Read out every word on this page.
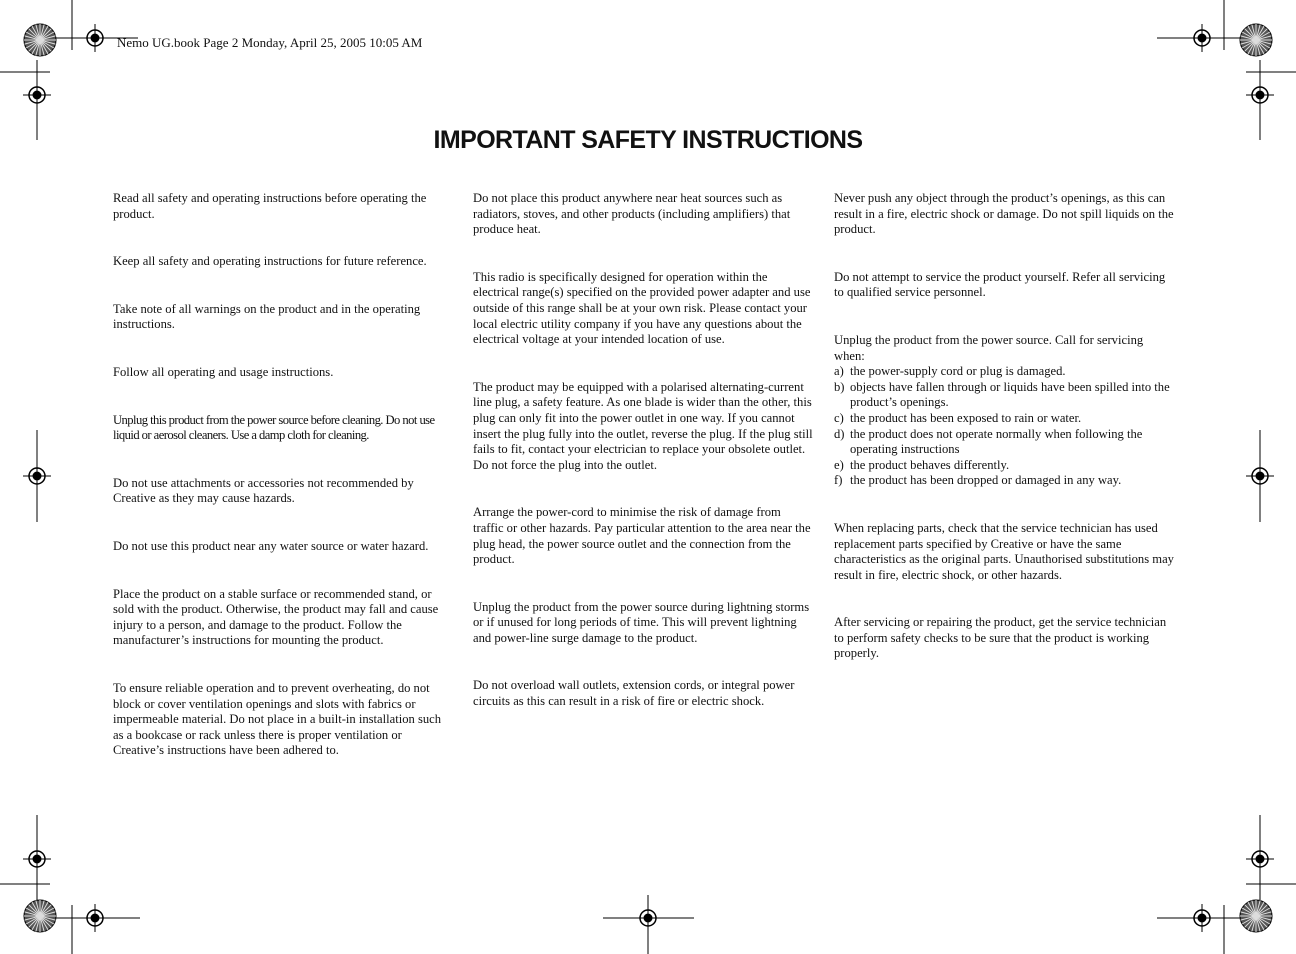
Nemo UG.book Page 2 Monday, April 25, 2005 10:05 AM
IMPORTANT SAFETY INSTRUCTIONS

Read all safety and operating instructions before operating the product.

Keep all safety and operating instructions for future reference.

Take note of all warnings on the product and in the operating instructions.

Follow all operating and usage instructions.

Unplug this product from the power source before cleaning. Do not use liquid or aerosol cleaners. Use a damp cloth for cleaning.

Do not use attachments or accessories not recommended by Creative as they may cause hazards.

Do not use this product near any water source or water hazard.

Place the product on a stable surface or recommended stand, or sold with the product. Otherwise, the product may fall and cause injury to a person, and damage to the product. Follow the manufacturer’s instructions for mounting the product.

To ensure reliable operation and to prevent overheating, do not block or cover ventilation openings and slots with fabrics or impermeable material. Do not place in a built-in installation such as a bookcase or rack unless there is proper ventilation or Creative’s instructions have been adhered to.

Do not place this product anywhere near heat sources such as radiators, stoves, and other products (including amplifiers) that produce heat.

This radio is specifically designed for operation within the electrical range(s) specified on the provided power adapter and use outside of this range shall be at your own risk. Please contact your local electric utility company if you have any questions about the electrical voltage at your intended location of use.

The product may be equipped with a polarised alternating-current line plug, a safety feature. As one blade is wider than the other, this plug can only fit into the power outlet in one way. If you cannot insert the plug fully into the outlet, reverse the plug. If the plug still fails to fit, contact your electrician to replace your obsolete outlet. Do not force the plug into the outlet.

Arrange the power-cord to minimise the risk of damage from traffic or other hazards. Pay particular attention to the area near the plug head, the power source outlet and the connection from the product.

Unplug the product from the power source during lightning storms or if unused for long periods of time. This will prevent lightning and power-line surge damage to the product.

Do not overload wall outlets, extension cords, or integral power circuits as this can result in a risk of fire or electric shock.

Never push any object through the product’s openings, as this can result in a fire, electric shock or damage. Do not spill liquids on the product.

Do not attempt to service the product yourself. Refer all servicing to qualified service personnel.

Unplug the product from the power source. Call for servicing when:

a) the power-supply cord or plug is damaged.
b) objects have fallen through or liquids have been spilled into the product’s openings.
c) the product has been exposed to rain or water.
d) the product does not operate normally when following the operating instructions
e) the product behaves differently.
f) the product has been dropped or damaged in any way.

When replacing parts, check that the service technician has used replacement parts specified by Creative or have the same characteristics as the original parts. Unauthorised substitutions may result in fire, electric shock, or other hazards.

After servicing or repairing the product, get the service technician to perform safety checks to be sure that the product is working properly.
